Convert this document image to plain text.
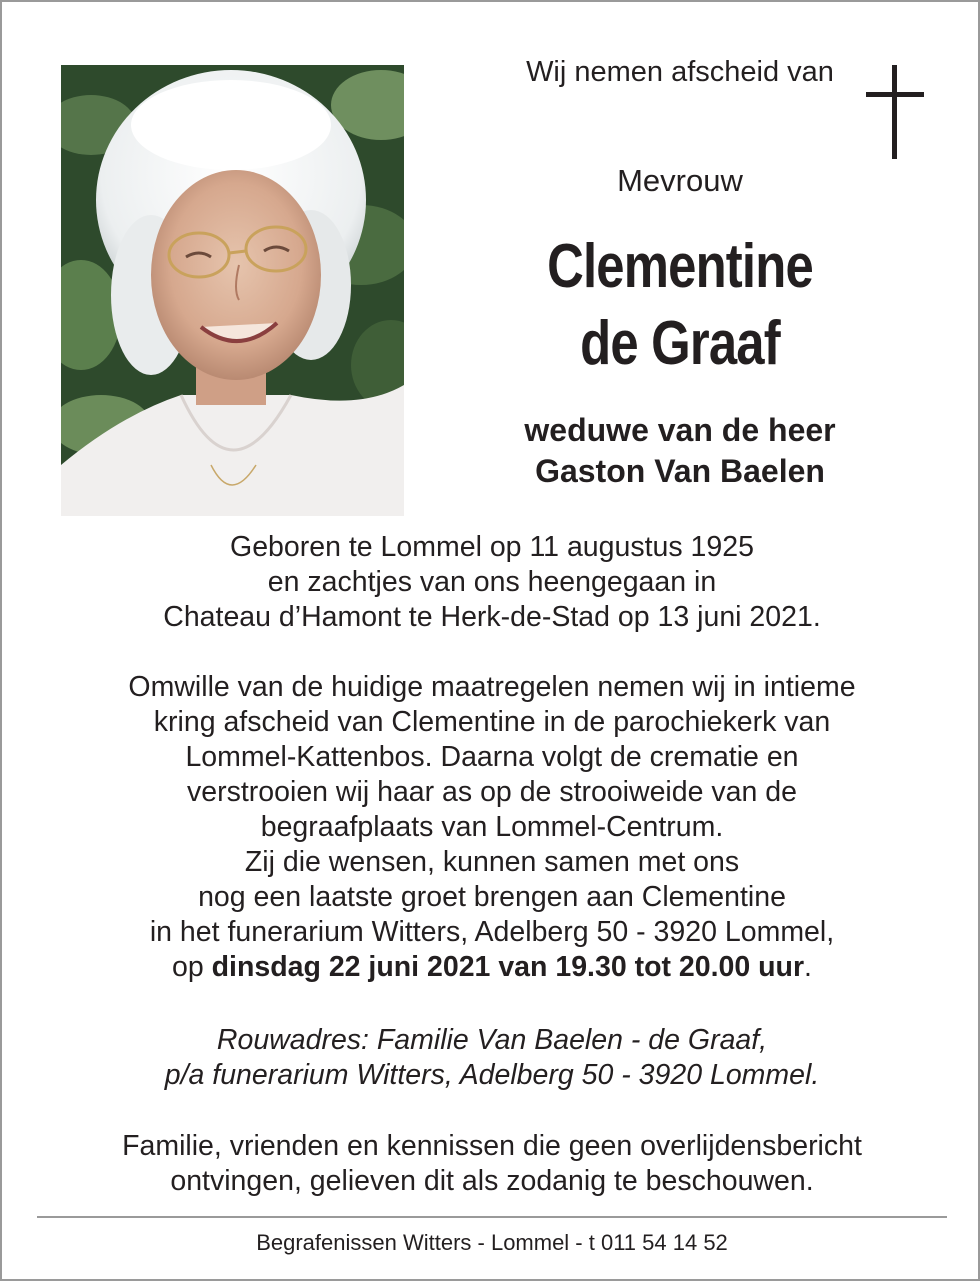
Wij nemen afscheid van
Mevrouw
Clementine
de Graaf
weduwe van de heer
Gaston Van Baelen
Geboren te Lommel op 11 augustus 1925
en zachtjes van ons heengegaan in
Chateau d’Hamont te Herk-de-Stad op 13 juni 2021.
Omwille van de huidige maatregelen nemen wij in intieme
kring afscheid van Clementine in de parochiekerk van
Lommel-Kattenbos. Daarna volgt de crematie en
verstrooien wij haar as op de strooiweide van de
begraafplaats van Lommel-Centrum.
Zij die wensen, kunnen samen met ons
nog een laatste groet brengen aan Clementine
in het funerarium Witters, Adelberg 50 - 3920 Lommel,
op dinsdag 22 juni 2021 van 19.30 tot 20.00 uur.
Rouwadres: Familie Van Baelen - de Graaf,
p/a funerarium Witters, Adelberg 50 - 3920 Lommel.
Familie, vrienden en kennissen die geen overlijdensbericht
ontvingen, gelieven dit als zodanig te beschouwen.
Begrafenissen Witters - Lommel - t 011 54 14 52
